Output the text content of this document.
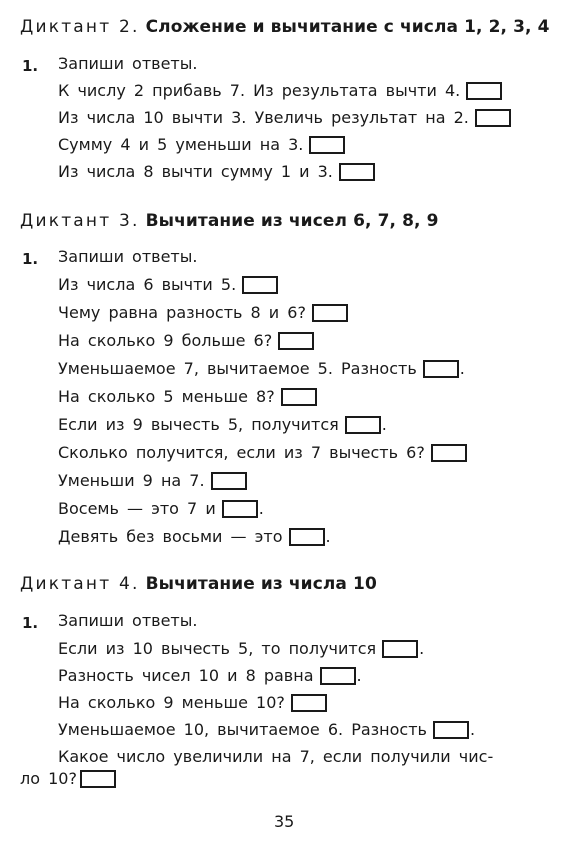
Диктант 2. Сложение и вычитание с числа 1, 2, 3, 4
1. Запиши ответы.
К числу 2 прибавь 7. Из результата вычти 4.
Из числа 10 вычти 3. Увеличь результат на 2.
Сумму 4 и 5 уменьши на 3.
Из числа 8 вычти сумму 1 и 3.
Диктант 3. Вычитание из чисел 6, 7, 8, 9
1. Запиши ответы.
Из числа 6 вычти 5.
Чему равна разность 8 и 6?
На сколько 9 больше 6?
Уменьшаемое 7, вычитаемое 5. Разность	.
На сколько 5 меньше 8?
Если из 9 вычесть 5, получится	.
Сколько получится, если из 7 вычесть 6?
Уменьши 9 на 7.
Восемь — это 7 и	.
Девять без восьми — это	.
Диктант 4. Вычитание из числа 10
1. Запиши ответы.
Если из 10 вычесть 5, то получится	.
Разность чисел 10 и 8 равна	.
На сколько 9 меньше 10?
Уменьшаемое 10, вычитаемое 6. Разность	.
Какое число увеличили на 7, если получили чис-
ло 10?
35
